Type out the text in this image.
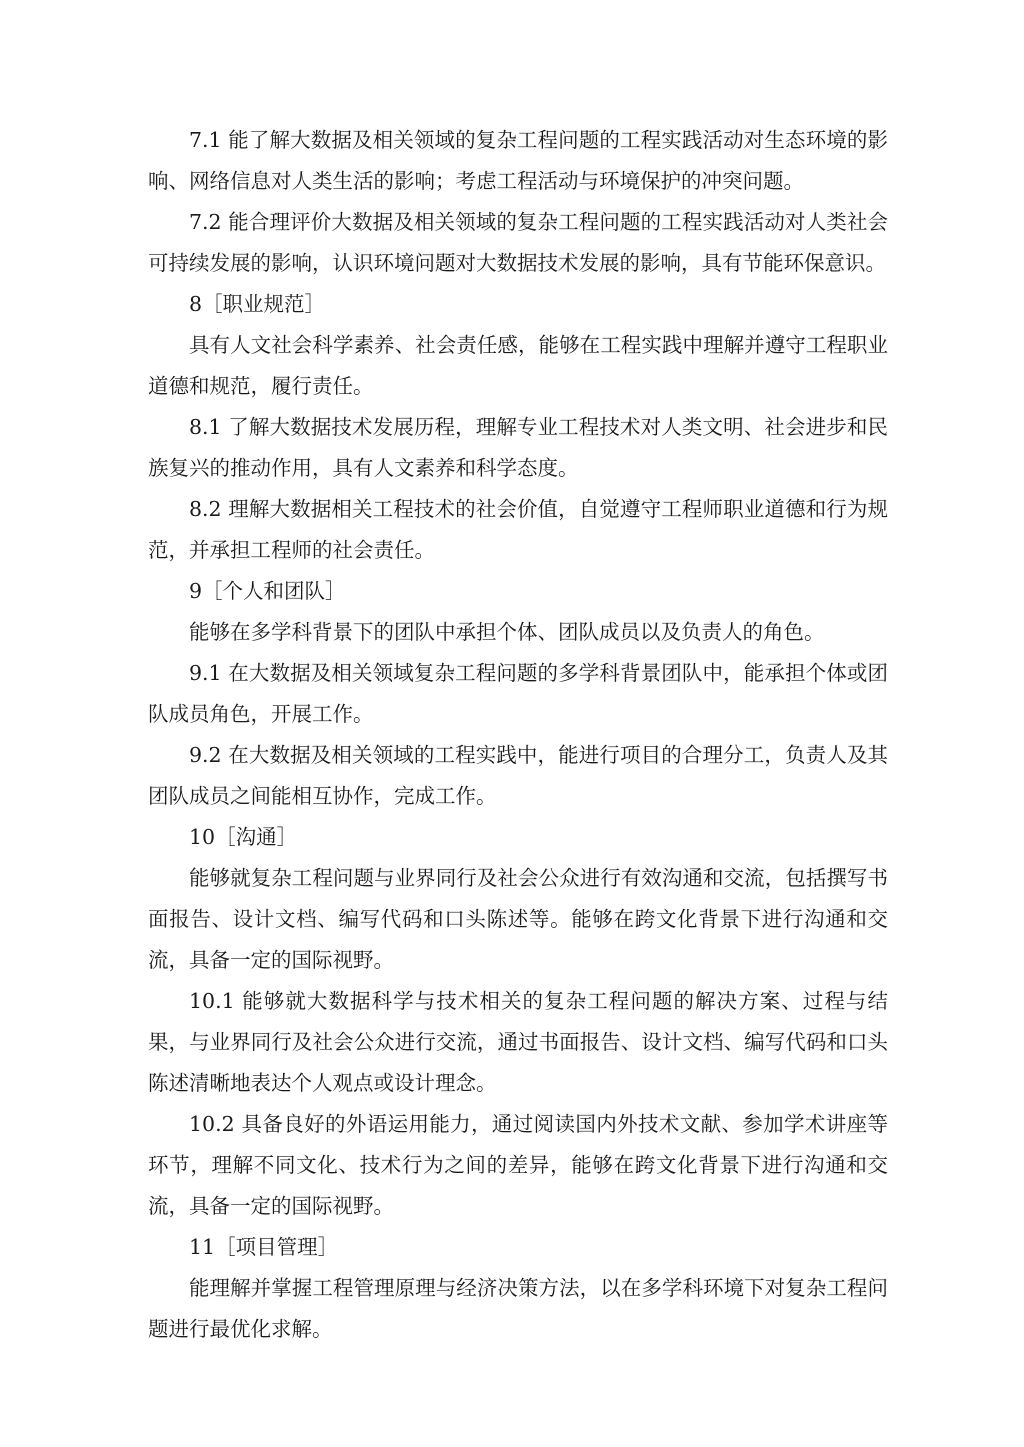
7.1 能了解大数据及相关领域的复杂工程问题的工程实践活动对生态环境的影响、网络信息对人类生活的影响；考虑工程活动与环境保护的冲突问题。

7.2 能合理评价大数据及相关领域的复杂工程问题的工程实践活动对人类社会可持续发展的影响，认识环境问题对大数据技术发展的影响，具有节能环保意识。

8［职业规范］

具有人文社会科学素养、社会责任感，能够在工程实践中理解并遵守工程职业道德和规范，履行责任。

8.1 了解大数据技术发展历程，理解专业工程技术对人类文明、社会进步和民族复兴的推动作用，具有人文素养和科学态度。

8.2 理解大数据相关工程技术的社会价值，自觉遵守工程师职业道德和行为规范，并承担工程师的社会责任。

9［个人和团队］

能够在多学科背景下的团队中承担个体、团队成员以及负责人的角色。

9.1 在大数据及相关领域复杂工程问题的多学科背景团队中，能承担个体或团队成员角色，开展工作。

9.2 在大数据及相关领域的工程实践中，能进行项目的合理分工，负责人及其团队成员之间能相互协作，完成工作。

10［沟通］

能够就复杂工程问题与业界同行及社会公众进行有效沟通和交流，包括撰写书面报告、设计文档、编写代码和口头陈述等。能够在跨文化背景下进行沟通和交流，具备一定的国际视野。

10.1 能够就大数据科学与技术相关的复杂工程问题的解决方案、过程与结果，与业界同行及社会公众进行交流，通过书面报告、设计文档、编写代码和口头陈述清晰地表达个人观点或设计理念。

10.2 具备良好的外语运用能力，通过阅读国内外技术文献、参加学术讲座等环节，理解不同文化、技术行为之间的差异，能够在跨文化背景下进行沟通和交流，具备一定的国际视野。

11［项目管理］

能理解并掌握工程管理原理与经济决策方法，以在多学科环境下对复杂工程问题进行最优化求解。
